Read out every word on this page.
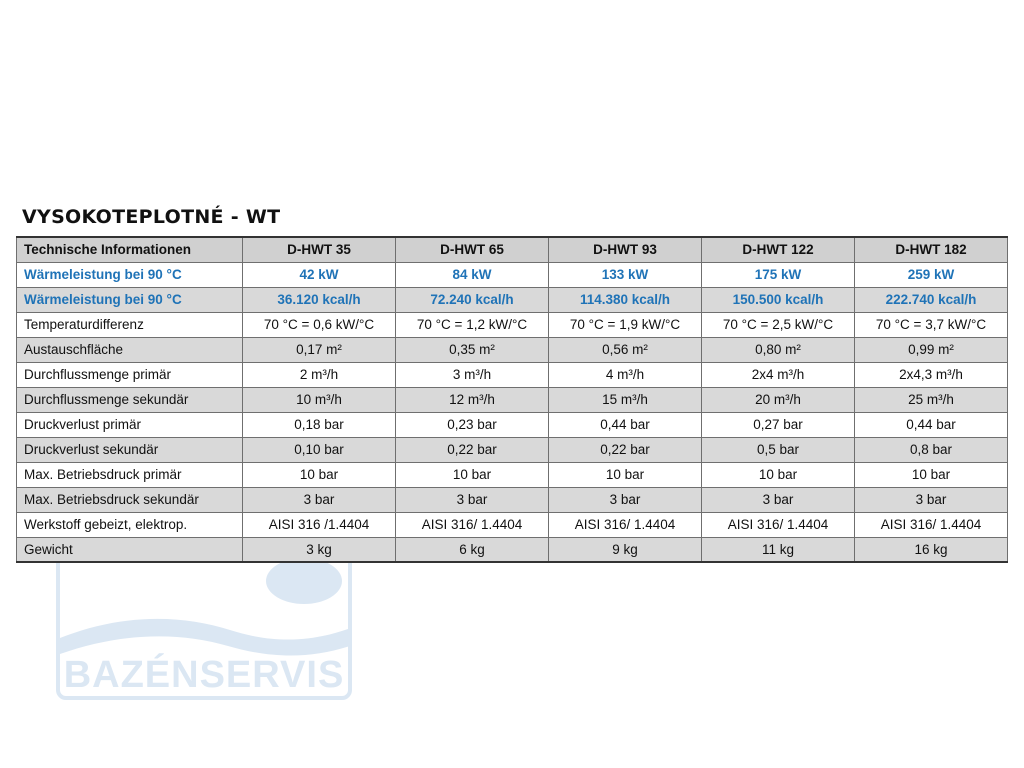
VYSOKOTEPLOTNÉ - WT
Technische Informationen	D-HWT 35	D-HWT 65	D-HWT 93	D-HWT 122	D-HWT 182
Wärmeleistung bei 90 °C	42 kW	84 kW	133 kW	175 kW	259 kW
Wärmeleistung bei 90 °C	36.120 kcal/h	72.240 kcal/h	114.380 kcal/h	150.500 kcal/h	222.740 kcal/h
Temperaturdifferenz	70 °C = 0,6 kW/°C	70 °C = 1,2 kW/°C	70 °C = 1,9 kW/°C	70 °C = 2,5 kW/°C	70 °C = 3,7 kW/°C
Austauschfläche	0,17 m²	0,35 m²	0,56 m²	0,80 m²	0,99 m²
Durchflussmenge primär	2 m³/h	3 m³/h	4 m³/h	2x4 m³/h	2x4,3 m³/h
Durchflussmenge sekundär	10 m³/h	12 m³/h	15 m³/h	20 m³/h	25 m³/h
Druckverlust primär	0,18 bar	0,23 bar	0,44 bar	0,27 bar	0,44 bar
Druckverlust sekundär	0,10 bar	0,22 bar	0,22 bar	0,5 bar	0,8 bar
Max. Betriebsdruck primär	10 bar	10 bar	10 bar	10 bar	10 bar
Max. Betriebsdruck sekundär	3 bar	3 bar	3 bar	3 bar	3 bar
Werkstoff gebeizt, elektrop.	AISI 316 /1.4404	AISI 316/ 1.4404	AISI 316/ 1.4404	AISI 316/ 1.4404	AISI 316/ 1.4404
Gewicht	3 kg	6 kg	9 kg	11 kg	16 kg
BAZÉNSERVIS
